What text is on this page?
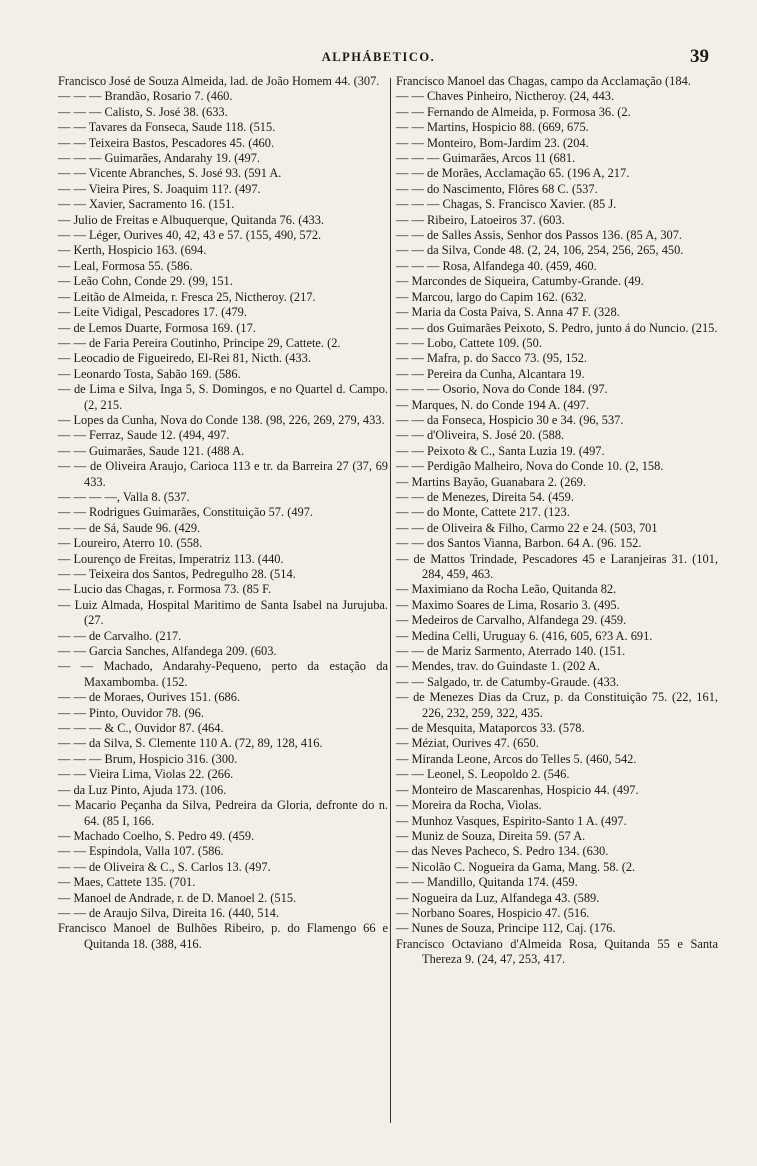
ALPHÁBETICO.	39
Francisco José de Souza Almeida, lad. de João Homem 44. (307.
— — — Brandão, Rosario 7. (460.
— — — Calisto, S. José 38. (633.
— — Tavares da Fonseca, Saude 118. (515.
— — Teixeira Bastos, Pescadores 45. (460.
— — — Guimarães, Andarahy 19. (497.
— — Vicente Abranches, S. José 93. (591 A.
— — Vieira Pires, S. Joaquim 11?. (497.
— — Xavier, Sacramento 16. (151.
— Julio de Freitas e Albuquerque, Quitanda 76. (433.
— — Léger, Ourives 40, 42, 43 e 57. (155, 490, 572.
— Kerth, Hospicio 163. (694.
— Leal, Formosa 55. (586.
— Leão Cohn, Conde 29. (99, 151.
— Leitão de Almeida, r. Fresca 25, Nictheroy. (217.
— Leite Vidigal, Pescadores 17. (479.
— de Lemos Duarte, Formosa 169. (17.
— — de Faria Pereira Coutinho, Principe 29, Cattete. (2.
— Leocadio de Figueiredo, El-Rei 81, Nicth. (433.
— Leonardo Tosta, Sabão 169. (586.
— de Lima e Silva, Inga 5, S. Domingos, e no Quartel d. Campo. (2, 215.
— Lopes da Cunha, Nova do Conde 138. (98, 226, 269, 279, 433.
— — Ferraz, Saude 12. (494, 497.
— — Guimarães, Saude 121. (488 A.
— — de Oliveira Araujo, Carioca 113 e tr. da Barreira 27 (37, 69 433.
— — — —, Valla 8. (537.
— — Rodrigues Guimarães, Constituição 57. (497.
— — de Sá, Saude 96. (429.
— Loureiro, Aterro 10. (558.
— Lourenço de Freitas, Imperatriz 113. (440.
— — Teixeira dos Santos, Pedregulho 28. (514.
— Lucio das Chagas, r. Formosa 73. (85 F.
— Luiz Almada, Hospital Maritimo de Santa Isabel na Jurujuba. (27.
— — de Carvalho. (217.
— — Garcia Sanches, Alfandega 209. (603.
— — Machado, Andarahy-Pequeno, perto da estação da Maxambomba. (152.
— — de Moraes, Ourives 151. (686.
— — Pinto, Ouvidor 78. (96.
— — — & C., Ouvidor 87. (464.
— — da Silva, S. Clemente 110 A. (72, 89, 128, 416.
— — — Brum, Hospicio 316. (300.
— — Vieira Lima, Violas 22. (266.
— da Luz Pinto, Ajuda 173. (106.
— Macario Peçanha da Silva, Pedreira da Gloria, defronte do n. 64. (85 I, 166.
— Machado Coelho, S. Pedro 49. (459.
— — Espindola, Valla 107. (586.
— — de Oliveira & C., S. Carlos 13. (497.
— Maes, Cattete 135. (701.
— Manoel de Andrade, r. de D. Manoel 2. (515.
— — de Araujo Silva, Direita 16. (440, 514.
Francisco Manoel de Bulhões Ribeiro, p. do Flamengo 66 e Quitanda 18. (388, 416.
Francisco Manoel das Chagas, campo da Acclamação (184.
— — Chaves Pinheiro, Nictheroy. (24, 443.
— — Fernando de Almeida, p. Formosa 36. (2.
— — Martins, Hospicio 88. (669, 675.
— — Monteiro, Bom-Jardim 23. (204.
— — — Guimarães, Arcos 11 (681.
— — de Morães, Acclamação 65. (196 A, 217.
— — do Nascimento, Flôres 68 C. (537.
— — — Chagas, S. Francisco Xavier. (85 J.
— — Ribeiro, Latoeiros 37. (603.
— — de Salles Assis, Senhor dos Passos 136. (85 A, 307.
— — da Silva, Conde 48. (2, 24, 106, 254, 256, 265, 450.
— — — Rosa, Alfandega 40. (459, 460.
— Marcondes de Siqueira, Catumby-Grande. (49.
— Marcou, largo do Capim 162. (632.
— Maria da Costa Paiva, S. Anna 47 F. (328.
— — dos Guimarães Peixoto, S. Pedro, junto á do Nuncio. (215.
— — Lobo, Cattete 109. (50.
— — Mafra, p. do Sacco 73. (95, 152.
— — Pereira da Cunha, Alcantara 19.
— — — Osorio, Nova do Conde 184. (97.
— Marques, N. do Conde 194 A. (497.
— — da Fonseca, Hospicio 30 e 34. (96, 537.
— — d'Oliveira, S. José 20. (588.
— — Peixoto & C., Santa Luzia 19. (497.
— — Perdigão Malheiro, Nova do Conde 10. (2, 158.
— Martins Bayão, Guanabara 2. (269.
— — de Menezes, Direita 54. (459.
— — do Monte, Cattete 217. (123.
— — de Oliveira & Filho, Carmo 22 e 24. (503, 701
— — dos Santos Vianna, Barbon. 64 A. (96. 152.
— de Mattos Trindade, Pescadores 45 e Laranjeiras 31. (101, 284, 459, 463.
— Maximiano da Rocha Leão, Quitanda 82.
— Maximo Soares de Lima, Rosario 3. (495.
— Medeiros de Carvalho, Alfandega 29. (459.
— Medina Celli, Uruguay 6. (416, 605, 6?3 A. 691.
— — de Mariz Sarmento, Aterrado 140. (151.
— Mendes, trav. do Guindaste 1. (202 A.
— — Salgado, tr. de Catumby-Graude. (433.
— de Menezes Dias da Cruz, p. da Constituição 75. (22, 161, 226, 232, 259, 322, 435.
— de Mesquita, Mataporcos 33. (578.
— Méziat, Ourives 47. (650.
— Miranda Leone, Arcos do Telles 5. (460, 542.
— — Leonel, S. Leopoldo 2. (546.
— Monteiro de Mascarenhas, Hospicio 44. (497.
— Moreira da Rocha, Violas.
— Munhoz Vasques, Espirito-Santo 1 A. (497.
— Muniz de Souza, Direita 59. (57 A.
— das Neves Pacheco, S. Pedro 134. (630.
— Nicolão C. Nogueira da Gama, Mang. 58. (2.
— — Mandillo, Quitanda 174. (459.
— Nogueira da Luz, Alfandega 43. (589.
— Norbano Soares, Hospicio 47. (516.
— Nunes de Souza, Principe 112, Caj. (176.
Francisco Octaviano d'Almeida Rosa, Quitanda 55 e Santa Thereza 9. (24, 47, 253, 417.
